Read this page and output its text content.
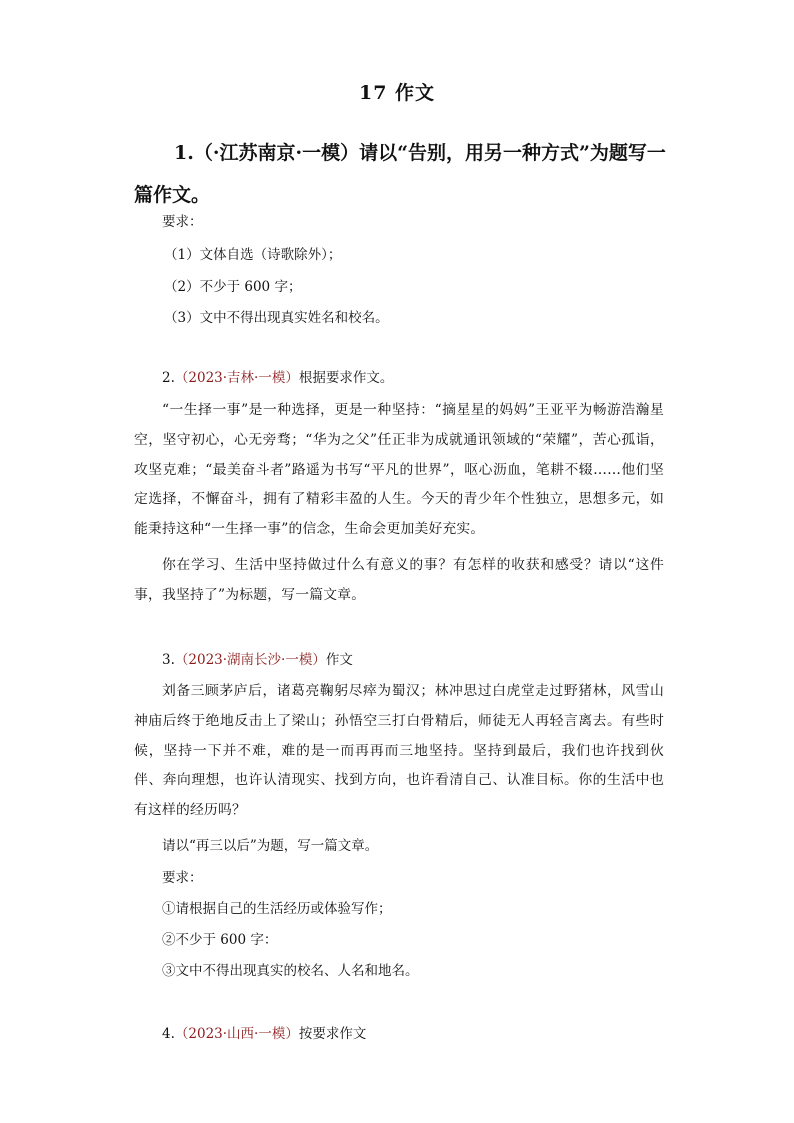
17 作文
1.（·江苏南京·一模）请以“告别，用另一种方式”为题写一篇作文。
要求：
（1）文体自选（诗歌除外）；
（2）不少于 600 字；
（3）文中不得出现真实姓名和校名。
2.（2023·吉林·一模）根据要求作文。
“一生择一事”是一种选择，更是一种坚持：“摘星星的妈妈”王亚平为畅游浩瀚星空，坚守初心，心无旁骛；“华为之父”任正非为成就通讯领域的“荣耀”，苦心孤诣，攻坚克难；“最美奋斗者”路遥为书写“平凡的世界”，呕心沥血，笔耕不辍……他们坚定选择，不懈奋斗，拥有了精彩丰盈的人生。今天的青少年个性独立，思想多元，如能秉持这种“一生择一事”的信念，生命会更加美好充实。
你在学习、生活中坚持做过什么有意义的事？有怎样的收获和感受？请以“这件事，我坚持了”为标题，写一篇文章。
3.（2023·湖南长沙·一模）作文
刘备三顾茅庐后，诸葛亮鞠躬尽瘁为蜀汉；林冲思过白虎堂走过野猪林，风雪山神庙后终于绝地反击上了梁山；孙悟空三打白骨精后，师徒无人再轻言离去。有些时候，坚持一下并不难，难的是一而再再而三地坚持。坚持到最后，我们也许找到伙伴、奔向理想，也许认清现实、找到方向，也许看清自己、认准目标。你的生活中也有这样的经历吗？
请以“再三以后”为题，写一篇文章。
要求：
①请根据自己的生活经历或体验写作；
②不少于 600 字：
③文中不得出现真实的校名、人名和地名。
4.（2023·山西·一模）按要求作文
